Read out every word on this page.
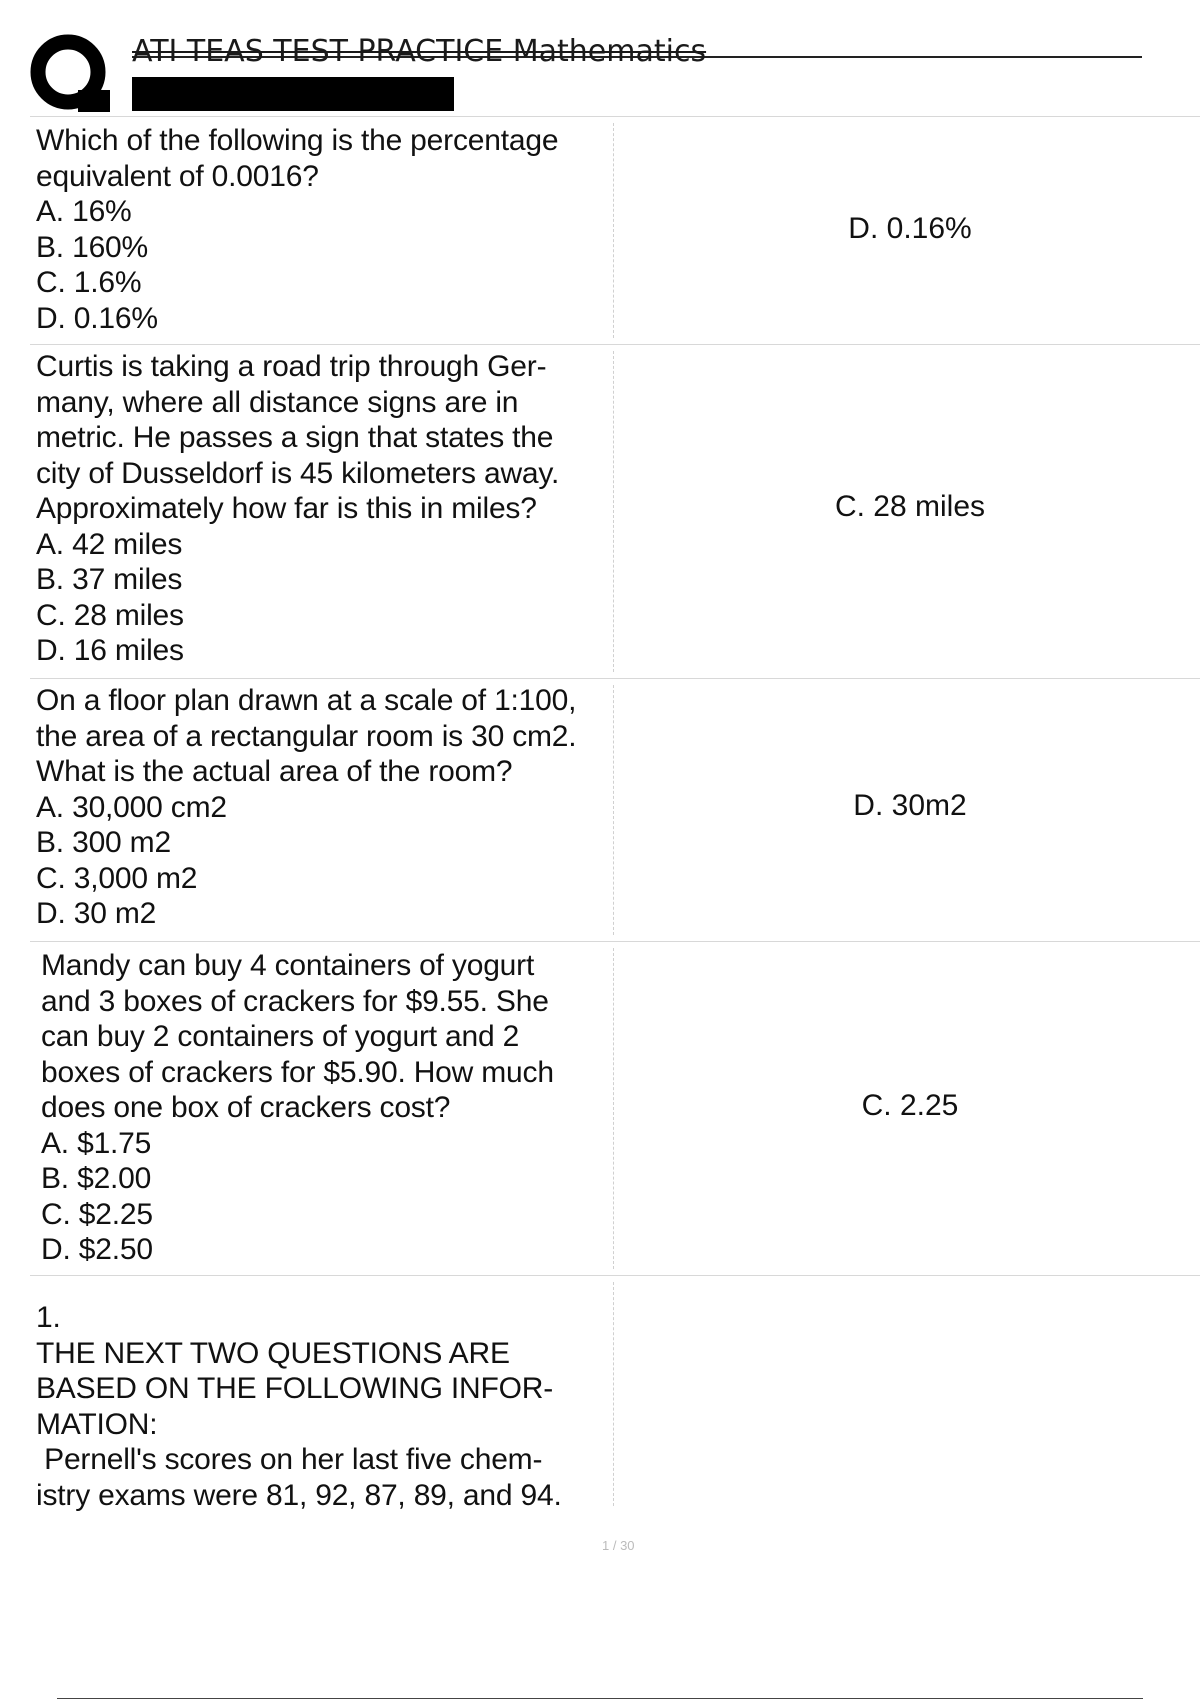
ATI TEAS TEST PRACTICE Mathematics

Which of the following is the percentage

equivalent of 0.0016?

A. 16%

B. 160%

C. 1.6%

D. 0.16%

D. 0.16%

Curtis is taking a road trip through Ger-

many, where all distance signs are in

metric. He passes a sign that states the

city of Dusseldorf is 45 kilometers away.

Approximately how far is this in miles?

A. 42 miles

B. 37 miles

C. 28 miles

D. 16 miles

C. 28 miles

On a floor plan drawn at a scale of 1:100,

the area of a rectangular room is 30 cm2.

What is the actual area of the room?

A. 30,000 cm2

B. 300 m2

C. 3,000 m2

D. 30 m2

D. 30m2

Mandy can buy 4 containers of yogurt

and 3 boxes of crackers for $9.55. She

can buy 2 containers of yogurt and 2

boxes of crackers for $5.90. How much

does one box of crackers cost?

A. $1.75

B. $2.00

C. $2.25

D. $2.50

C. 2.25

1.

THE NEXT TWO QUESTIONS ARE

BASED ON THE FOLLOWING INFOR-

MATION:

Pernell's scores on her last five chem-

istry exams were 81, 92, 87, 89, and 94.

1 / 30
